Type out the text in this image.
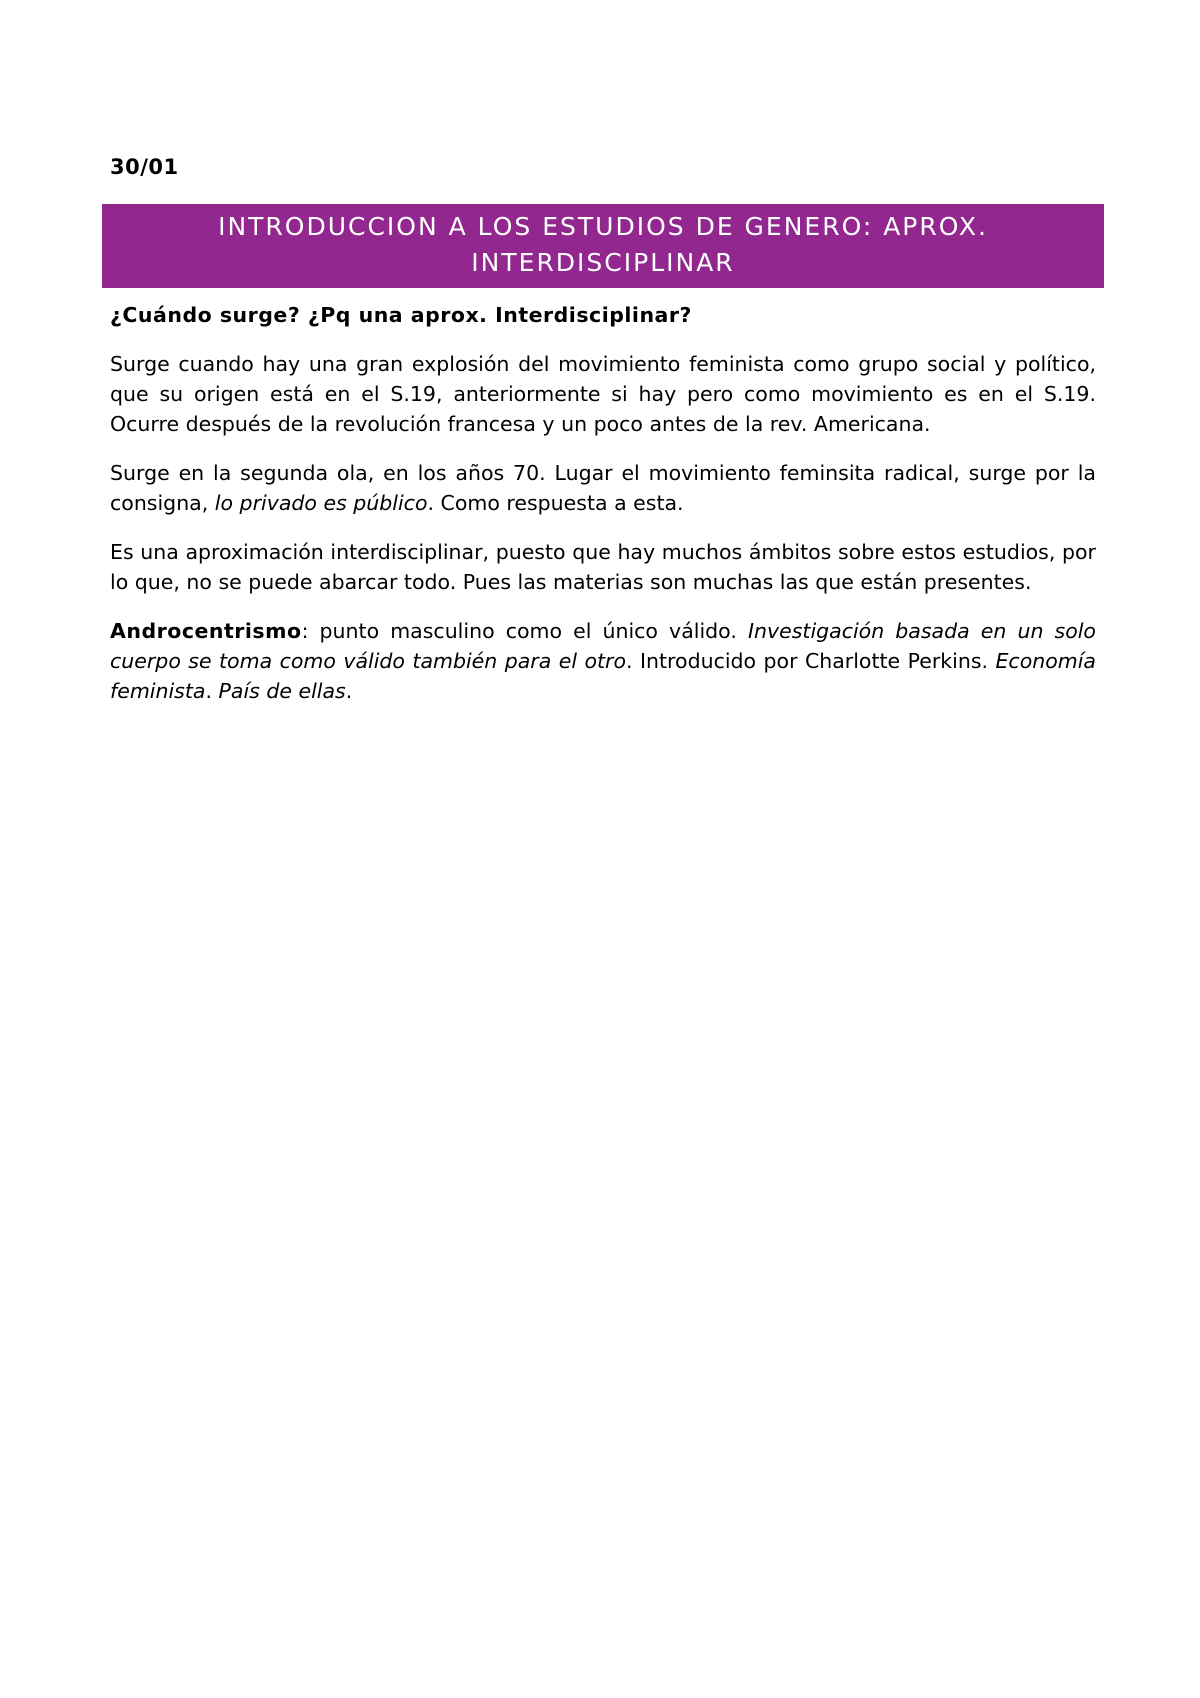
30/01
INTRODUCCION A LOS ESTUDIOS DE GENERO: APROX.
INTERDISCIPLINAR

¿Cuándo surge? ¿Pq una aprox. Interdisciplinar?

Surge cuando hay una gran explosión del movimiento feminista como grupo social y político, que su origen está en el S.19, anteriormente si hay pero como movimiento es en el S.19. Ocurre después de la revolución francesa y un poco antes de la rev. Americana.

Surge en la segunda ola, en los años 70. Lugar el movimiento feminsita radical, surge por la consigna, lo privado es público. Como respuesta a esta.

Es una aproximación interdisciplinar, puesto que hay muchos ámbitos sobre estos estudios, por lo que, no se puede abarcar todo. Pues las materias son muchas las que están presentes.

Androcentrismo: punto masculino como el único válido. Investigación basada en un solo cuerpo se toma como válido también para el otro. Introducido por Charlotte Perkins. Economía feminista. País de ellas.
